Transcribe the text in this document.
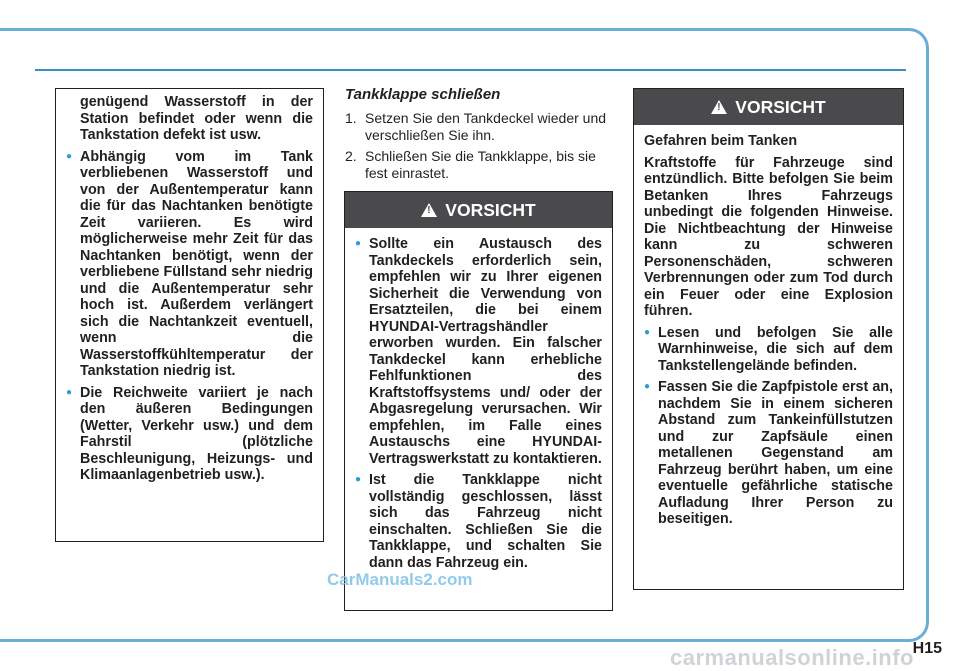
genügend Wasserstoff in der Station befindet oder wenn die Tankstation defekt ist usw.

● Abhängig vom im Tank verbliebenen Wasserstoff und von der Außentemperatur kann die für das Nachtanken benötigte Zeit variieren. Es wird möglicherweise mehr Zeit für das Nachtanken benötigt, wenn der verbliebene Füllstand sehr niedrig und die Außentemperatur sehr hoch ist. Außerdem verlängert sich die Nachtankzeit eventuell, wenn die Wasserstoffkühltemperatur der Tankstation niedrig ist.
● Die Reichweite variiert je nach den äußeren Bedingungen (Wetter, Verkehr usw.) und dem Fahrstil (plötzliche Beschleunigung, Heizungs- und Klimaanlagenbetrieb usw.).
Tankklappe schließen
1. Setzen Sie den Tankdeckel wieder und verschließen Sie ihn.
2. Schließen Sie die Tankklappe, bis sie fest einrastet.
! VORSICHT
● Sollte ein Austausch des Tankdeckels erforderlich sein, empfehlen wir zu Ihrer eigenen Sicherheit die Verwendung von Ersatzteilen, die bei einem HYUNDAI-Vertragshändler erworben wurden. Ein falscher Tankdeckel kann erhebliche Fehlfunktionen des Kraftstoffsystems und/ oder der Abgasregelung verursachen. Wir empfehlen, im Falle eines Austauschs eine HYUNDAI-Vertragswerkstatt zu kontaktieren.
● Ist die Tankklappe nicht vollständig geschlossen, lässt sich das Fahrzeug nicht einschalten. Schließen Sie die Tankklappe, und schalten Sie dann das Fahrzeug ein.
! VORSICHT

Gefahren beim Tanken

Kraftstoffe für Fahrzeuge sind entzündlich. Bitte befolgen Sie beim Betanken Ihres Fahrzeugs unbedingt die folgenden Hinweise. Die Nichtbeachtung der Hinweise kann zu schweren Personenschäden, schweren Verbrennungen oder zum Tod durch ein Feuer oder eine Explosion führen.

● Lesen und befolgen Sie alle Warnhinweise, die sich auf dem Tankstellengelände befinden.
● Fassen Sie die Zapfpistole erst an, nachdem Sie in einem sicheren Abstand zum Tankeinfüllstutzen und zur Zapfsäule einen metallenen Gegenstand am Fahrzeug berührt haben, um eine eventuelle gefährliche statische Aufladung Ihrer Person zu beseitigen.
CarManuals2.com
H15
carmanualsonline.info
